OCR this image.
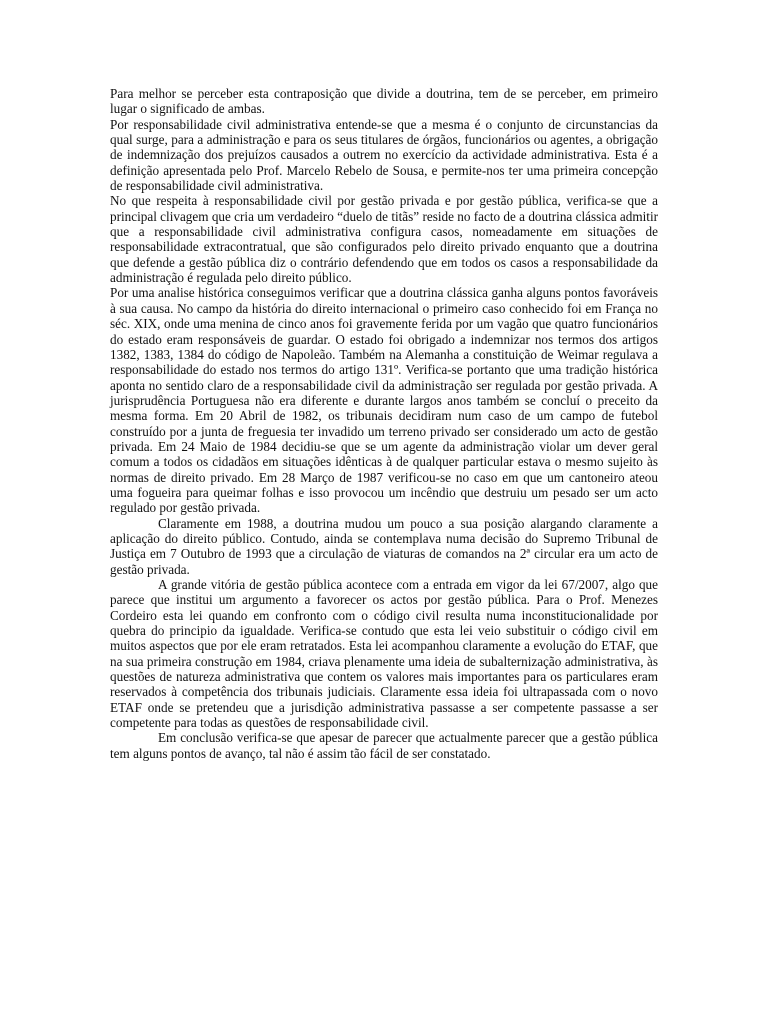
Para melhor se perceber esta contraposição que divide a doutrina, tem de se perceber, em primeiro lugar o significado de ambas.

Por responsabilidade civil administrativa entende-se que a mesma é o conjunto de circunstancias da qual surge, para a administração e para os seus titulares de órgãos, funcionários ou agentes, a obrigação de indemnização dos prejuízos causados a outrem no exercício da actividade administrativa. Esta é a definição apresentada pelo Prof. Marcelo Rebelo de Sousa, e permite-nos ter uma primeira concepção de responsabilidade civil administrativa.

No que respeita à responsabilidade civil por gestão privada e por gestão pública, verifica-se que a principal clivagem que cria um verdadeiro “duelo de titãs” reside no facto de a doutrina clássica admitir que a responsabilidade civil administrativa configura casos, nomeadamente em situações de responsabilidade extracontratual, que são configurados pelo direito privado enquanto que a doutrina que defende a gestão pública diz o contrário defendendo que em todos os casos a responsabilidade da administração é regulada pelo direito público.

Por uma analise histórica conseguimos verificar que a doutrina clássica ganha alguns pontos favoráveis à sua causa. No campo da história do direito internacional o primeiro caso conhecido foi em França no séc. XIX, onde uma menina de cinco anos foi gravemente ferida por um vagão que quatro funcionários do estado eram responsáveis de guardar. O estado foi obrigado a indemnizar nos termos dos artigos 1382, 1383, 1384 do código de Napoleão. Também na Alemanha a constituição de Weimar regulava a responsabilidade do estado nos termos do artigo 131º. Verifica-se portanto que uma tradição histórica aponta no sentido claro de a responsabilidade civil da administração ser regulada por gestão privada. A jurisprudência Portuguesa não era diferente e durante largos anos também se concluí o preceito da mesma forma. Em 20 Abril de 1982, os tribunais decidiram num caso de um campo de futebol construído por a junta de freguesia ter invadido um terreno privado ser considerado um acto de gestão privada. Em 24 Maio de 1984 decidiu-se que se um agente da administração violar um dever geral comum a todos os cidadãos em situações idênticas à de qualquer particular estava o mesmo sujeito às normas de direito privado. Em 28 Março de 1987 verificou-se no caso em que um cantoneiro ateou uma fogueira para queimar folhas e isso provocou um incêndio que destruiu um pesado ser um acto regulado por gestão privada.

Claramente em 1988, a doutrina mudou um pouco a sua posição alargando claramente a aplicação do direito público. Contudo, ainda se contemplava numa decisão do Supremo Tribunal de Justiça em 7 Outubro de 1993 que a circulação de viaturas de comandos na 2ª circular era um acto de gestão privada.

A grande vitória de gestão pública acontece com a entrada em vigor da lei 67/2007, algo que parece que institui um argumento a favorecer os actos por gestão pública. Para o Prof. Menezes Cordeiro esta lei quando em confronto com o código civil resulta numa inconstitucionalidade por quebra do principio da igualdade. Verifica-se contudo que esta lei veio substituir o código civil em muitos aspectos que por ele eram retratados. Esta lei acompanhou claramente a evolução do ETAF, que na sua primeira construção em 1984, criava plenamente uma ideia de subalternização administrativa, às questões de natureza administrativa que contem os valores mais importantes para os particulares eram reservados à competência dos tribunais judiciais. Claramente essa ideia foi ultrapassada com o novo ETAF onde se pretendeu que a jurisdição administrativa passasse a ser competente passasse a ser competente para todas as questões de responsabilidade civil.

Em conclusão verifica-se que apesar de parecer que actualmente parecer que a gestão pública tem alguns pontos de avanço, tal não é assim tão fácil de ser constatado.
